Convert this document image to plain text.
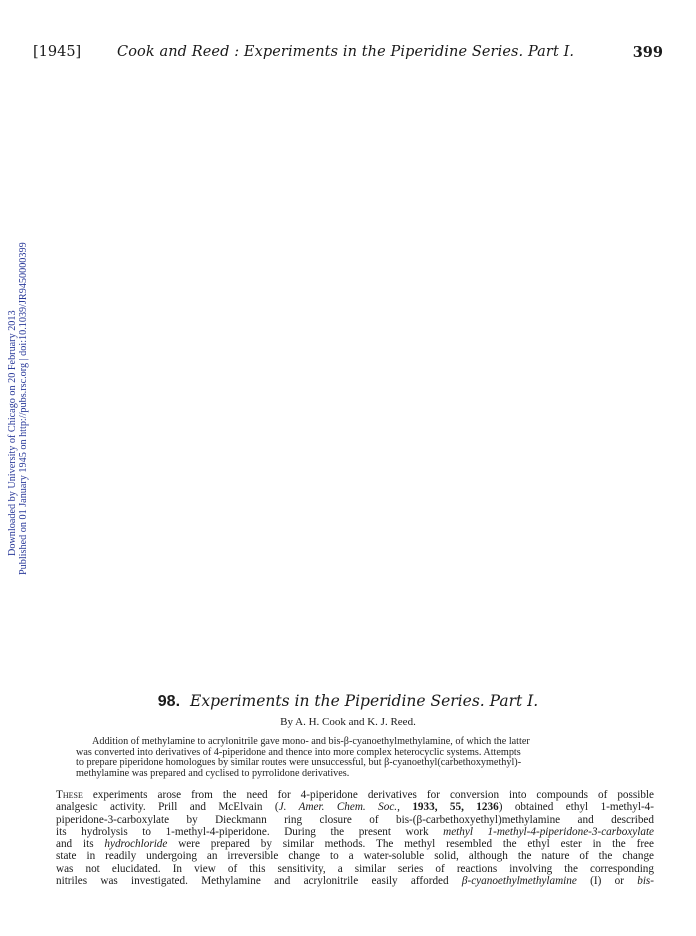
[1945] Cook and Reed : Experiments in the Piperidine Series. Part I.	399
Downloaded by University of Chicago on 20 February 2013 Published on 01 January 1945 on http://pubs.rsc.org | doi:10.1039/JR9450000399
98. Experiments in the Piperidine Series. Part I.
By A. H. Cook and K. J. Reed.
Addition of methylamine to acrylonitrile gave mono- and bis-β-cyanoethylmethylamine, of which the latter
was converted into derivatives of 4-piperidone and thence into more complex heterocyclic systems. Attempts
to prepare piperidone homologues by similar routes were unsuccessful, but β-cyanoethyl(carbethoxymethyl)-
methylamine was prepared and cyclised to pyrrolidone derivatives.
These experiments arose from the need for 4-piperidone derivatives for conversion into compounds of possible
analgesic activity. Prill and McElvain (J. Amer. Chem. Soc., 1933, 55, 1236) obtained ethyl 1-methyl-4-
piperidone-3-carboxylate by Dieckmann ring closure of bis-(β-carbethoxyethyl)methylamine and described
its hydrolysis to 1-methyl-4-piperidone. During the present work methyl 1-methyl-4-piperidone-3-carboxylate
and its hydrochloride were prepared by similar methods. The methyl resembled the ethyl ester in the free
state in readily undergoing an irreversible change to a water-soluble solid, although the nature of the change
was not elucidated. In view of this sensitivity, a similar series of reactions involving the corresponding
nitriles was investigated. Methylamine and acrylonitrile easily afforded β-cyanoethylmethylamine (I) or bis-
